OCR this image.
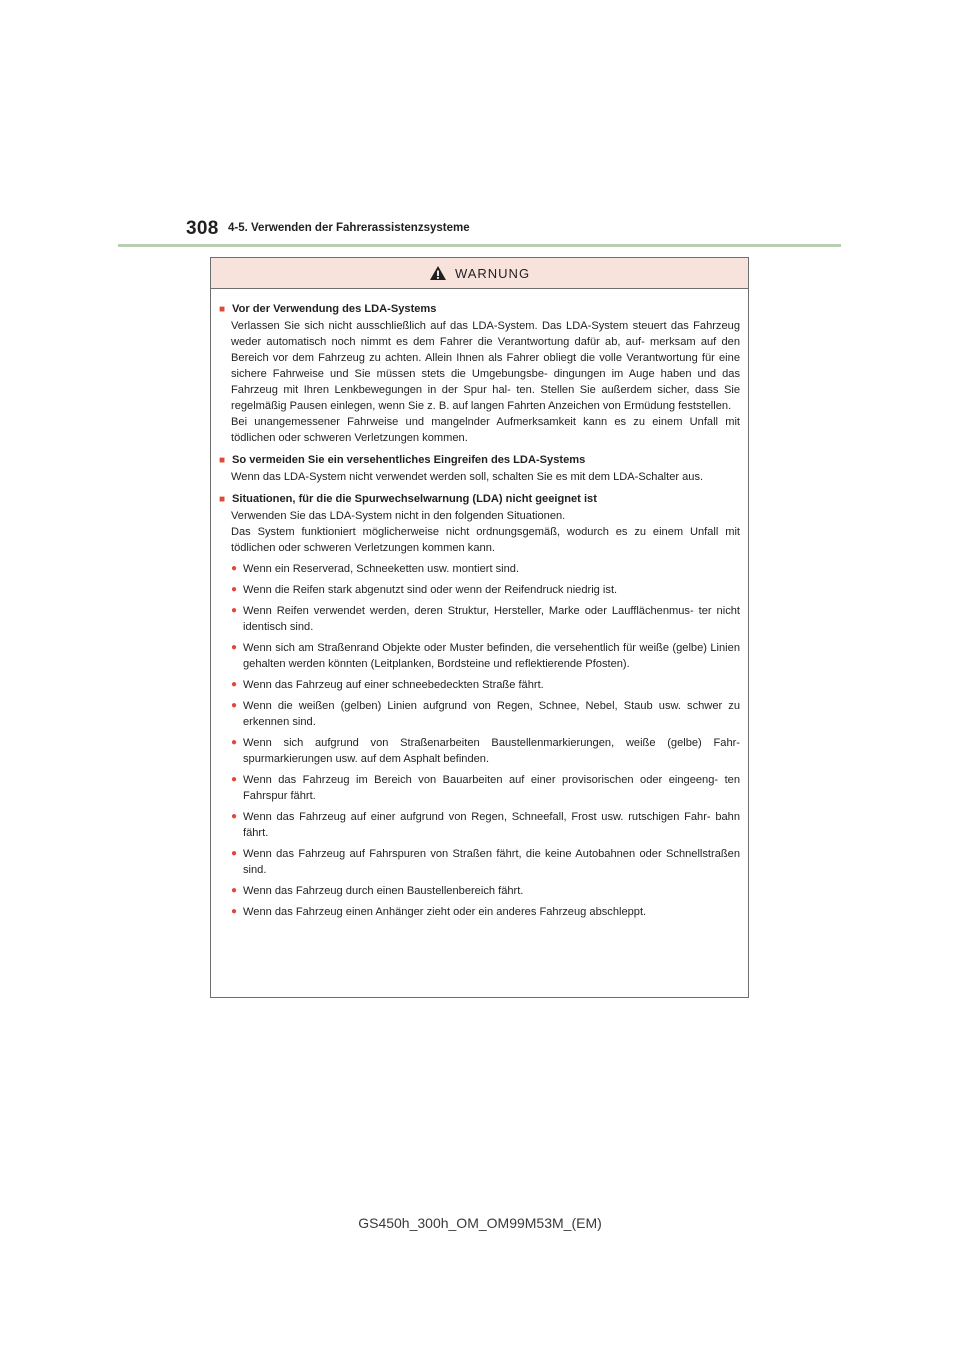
308 4-5. Verwenden der Fahrerassistenzsysteme
WARNUNG
■ Vor der Verwendung des LDA-Systems
Verlassen Sie sich nicht ausschließlich auf das LDA-System. Das LDA-System steuert das Fahrzeug weder automatisch noch nimmt es dem Fahrer die Verantwortung dafür ab, auf- merksam auf den Bereich vor dem Fahrzeug zu achten. Allein Ihnen als Fahrer obliegt die volle Verantwortung für eine sichere Fahrweise und Sie müssen stets die Umgebungsbe- dingungen im Auge haben und das Fahrzeug mit Ihren Lenkbewegungen in der Spur hal- ten. Stellen Sie außerdem sicher, dass Sie regelmäßig Pausen einlegen, wenn Sie z. B. auf langen Fahrten Anzeichen von Ermüdung feststellen.
Bei unangemessener Fahrweise und mangelnder Aufmerksamkeit kann es zu einem Unfall mit tödlichen oder schweren Verletzungen kommen.
■ So vermeiden Sie ein versehentliches Eingreifen des LDA-Systems
Wenn das LDA-System nicht verwendet werden soll, schalten Sie es mit dem LDA-Schalter aus.
■ Situationen, für die die Spurwechselwarnung (LDA) nicht geeignet ist
Verwenden Sie das LDA-System nicht in den folgenden Situationen.
Das System funktioniert möglicherweise nicht ordnungsgemäß, wodurch es zu einem Unfall mit tödlichen oder schweren Verletzungen kommen kann.
● Wenn ein Reserverad, Schneeketten usw. montiert sind.
● Wenn die Reifen stark abgenutzt sind oder wenn der Reifendruck niedrig ist.
● Wenn Reifen verwendet werden, deren Struktur, Hersteller, Marke oder Laufflächenmus- ter nicht identisch sind.
● Wenn sich am Straßenrand Objekte oder Muster befinden, die versehentlich für weiße (gelbe) Linien gehalten werden könnten (Leitplanken, Bordsteine und reflektierende Pfosten).
● Wenn das Fahrzeug auf einer schneebedeckten Straße fährt.
● Wenn die weißen (gelben) Linien aufgrund von Regen, Schnee, Nebel, Staub usw. schwer zu erkennen sind.
● Wenn sich aufgrund von Straßenarbeiten Baustellenmarkierungen, weiße (gelbe) Fahr- spurmarkierungen usw. auf dem Asphalt befinden.
● Wenn das Fahrzeug im Bereich von Bauarbeiten auf einer provisorischen oder eingeeng- ten Fahrspur fährt.
● Wenn das Fahrzeug auf einer aufgrund von Regen, Schneefall, Frost usw. rutschigen Fahr- bahn fährt.
● Wenn das Fahrzeug auf Fahrspuren von Straßen fährt, die keine Autobahnen oder Schnellstraßen sind.
● Wenn das Fahrzeug durch einen Baustellenbereich fährt.
● Wenn das Fahrzeug einen Anhänger zieht oder ein anderes Fahrzeug abschleppt.
GS450h_300h_OM_OM99M53M_(EM)
